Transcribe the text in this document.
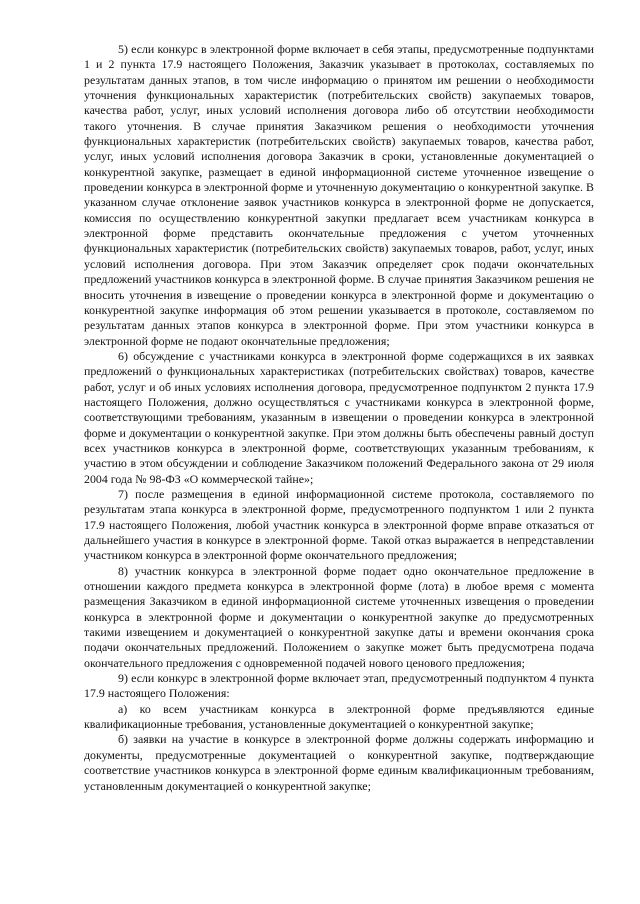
5) если конкурс в электронной форме включает в себя этапы, предусмотренные подпунктами 1 и 2 пункта 17.9 настоящего Положения, Заказчик указывает в протоколах, составляемых по результатам данных этапов, в том числе информацию о принятом им решении о необходимости уточнения функциональных характеристик (потребительских свойств) закупаемых товаров, качества работ, услуг, иных условий исполнения договора либо об отсутствии необходимости такого уточнения. В случае принятия Заказчиком решения о необходимости уточнения функциональных характеристик (потребительских свойств) закупаемых товаров, качества работ, услуг, иных условий исполнения договора Заказчик в сроки, установленные документацией о конкурентной закупке, размещает в единой информационной системе уточненное извещение о проведении конкурса в электронной форме и уточненную документацию о конкурентной закупке. В указанном случае отклонение заявок участников конкурса в электронной форме не допускается, комиссия по осуществлению конкурентной закупки предлагает всем участникам конкурса в электронной форме представить окончательные предложения с учетом уточненных функциональных характеристик (потребительских свойств) закупаемых товаров, работ, услуг, иных условий исполнения договора. При этом Заказчик определяет срок подачи окончательных предложений участников конкурса в электронной форме. В случае принятия Заказчиком решения не вносить уточнения в извещение о проведении конкурса в электронной форме и документацию о конкурентной закупке информация об этом решении указывается в протоколе, составляемом по результатам данных этапов конкурса в электронной форме. При этом участники конкурса в электронной форме не подают окончательные предложения;

6) обсуждение с участниками конкурса в электронной форме содержащихся в их заявках предложений о функциональных характеристиках (потребительских свойствах) товаров, качестве работ, услуг и об иных условиях исполнения договора, предусмотренное подпунктом 2 пункта 17.9 настоящего Положения, должно осуществляться с участниками конкурса в электронной форме, соответствующими требованиям, указанным в извещении о проведении конкурса в электронной форме и документации о конкурентной закупке. При этом должны быть обеспечены равный доступ всех участников конкурса в электронной форме, соответствующих указанным требованиям, к участию в этом обсуждении и соблюдение Заказчиком положений Федерального закона от 29 июля 2004 года № 98-ФЗ «О коммерческой тайне»;

7) после размещения в единой информационной системе протокола, составляемого по результатам этапа конкурса в электронной форме, предусмотренного подпунктом 1 или 2 пункта 17.9 настоящего Положения, любой участник конкурса в электронной форме вправе отказаться от дальнейшего участия в конкурсе в электронной форме. Такой отказ выражается в непредставлении участником конкурса в электронной форме окончательного предложения;

8) участник конкурса в электронной форме подает одно окончательное предложение в отношении каждого предмета конкурса в электронной форме (лота) в любое время с момента размещения Заказчиком в единой информационной системе уточненных извещения о проведении конкурса в электронной форме и документации о конкурентной закупке до предусмотренных такими извещением и документацией о конкурентной закупке даты и времени окончания срока подачи окончательных предложений. Положением о закупке может быть предусмотрена подача окончательного предложения с одновременной подачей нового ценового предложения;

9) если конкурс в электронной форме включает этап, предусмотренный подпунктом 4 пункта 17.9 настоящего Положения:

а) ко всем участникам конкурса в электронной форме предъявляются единые квалификационные требования, установленные документацией о конкурентной закупке;

б) заявки на участие в конкурсе в электронной форме должны содержать информацию и документы, предусмотренные документацией о конкурентной закупке, подтверждающие соответствие участников конкурса в электронной форме единым квалификационным требованиям, установленным документацией о конкурентной закупке;
